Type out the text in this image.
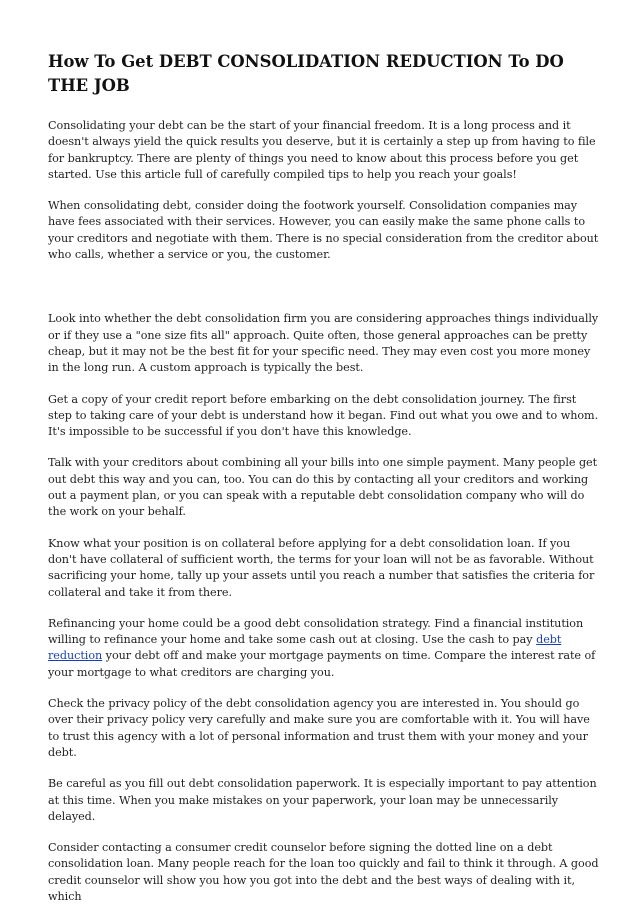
How To Get DEBT CONSOLIDATION REDUCTION To DO THE JOB

Consolidating your debt can be the start of your financial freedom. It is a long process and it doesn't always yield the quick results you deserve, but it is certainly a step up from having to file for bankruptcy. There are plenty of things you need to know about this process before you get started. Use this article full of carefully compiled tips to help you reach your goals!

When consolidating debt, consider doing the footwork yourself. Consolidation companies may have fees associated with their services. However, you can easily make the same phone calls to your creditors and negotiate with them. There is no special consideration from the creditor about who calls, whether a service or you, the customer.

Look into whether the debt consolidation firm you are considering approaches things individually or if they use a "one size fits all" approach. Quite often, those general approaches can be pretty cheap, but it may not be the best fit for your specific need. They may even cost you more money in the long run. A custom approach is typically the best.

Get a copy of your credit report before embarking on the debt consolidation journey. The first step to taking care of your debt is understand how it began. Find out what you owe and to whom. It's impossible to be successful if you don't have this knowledge.

Talk with your creditors about combining all your bills into one simple payment. Many people get out debt this way and you can, too. You can do this by contacting all your creditors and working out a payment plan, or you can speak with a reputable debt consolidation company who will do the work on your behalf.

Know what your position is on collateral before applying for a debt consolidation loan. If you don't have collateral of sufficient worth, the terms for your loan will not be as favorable. Without sacrificing your home, tally up your assets until you reach a number that satisfies the criteria for collateral and take it from there.

Refinancing your home could be a good debt consolidation strategy. Find a financial institution willing to refinance your home and take some cash out at closing. Use the cash to pay debt reduction your debt off and make your mortgage payments on time. Compare the interest rate of your mortgage to what creditors are charging you.

Check the privacy policy of the debt consolidation agency you are interested in. You should go over their privacy policy very carefully and make sure you are comfortable with it. You will have to trust this agency with a lot of personal information and trust them with your money and your debt.

Be careful as you fill out debt consolidation paperwork. It is especially important to pay attention at this time. When you make mistakes on your paperwork, your loan may be unnecessarily delayed.

Consider contacting a consumer credit counselor before signing the dotted line on a debt consolidation loan. Many people reach for the loan too quickly and fail to think it through. A good credit counselor will show you how you got into the debt and the best ways of dealing with it, which
